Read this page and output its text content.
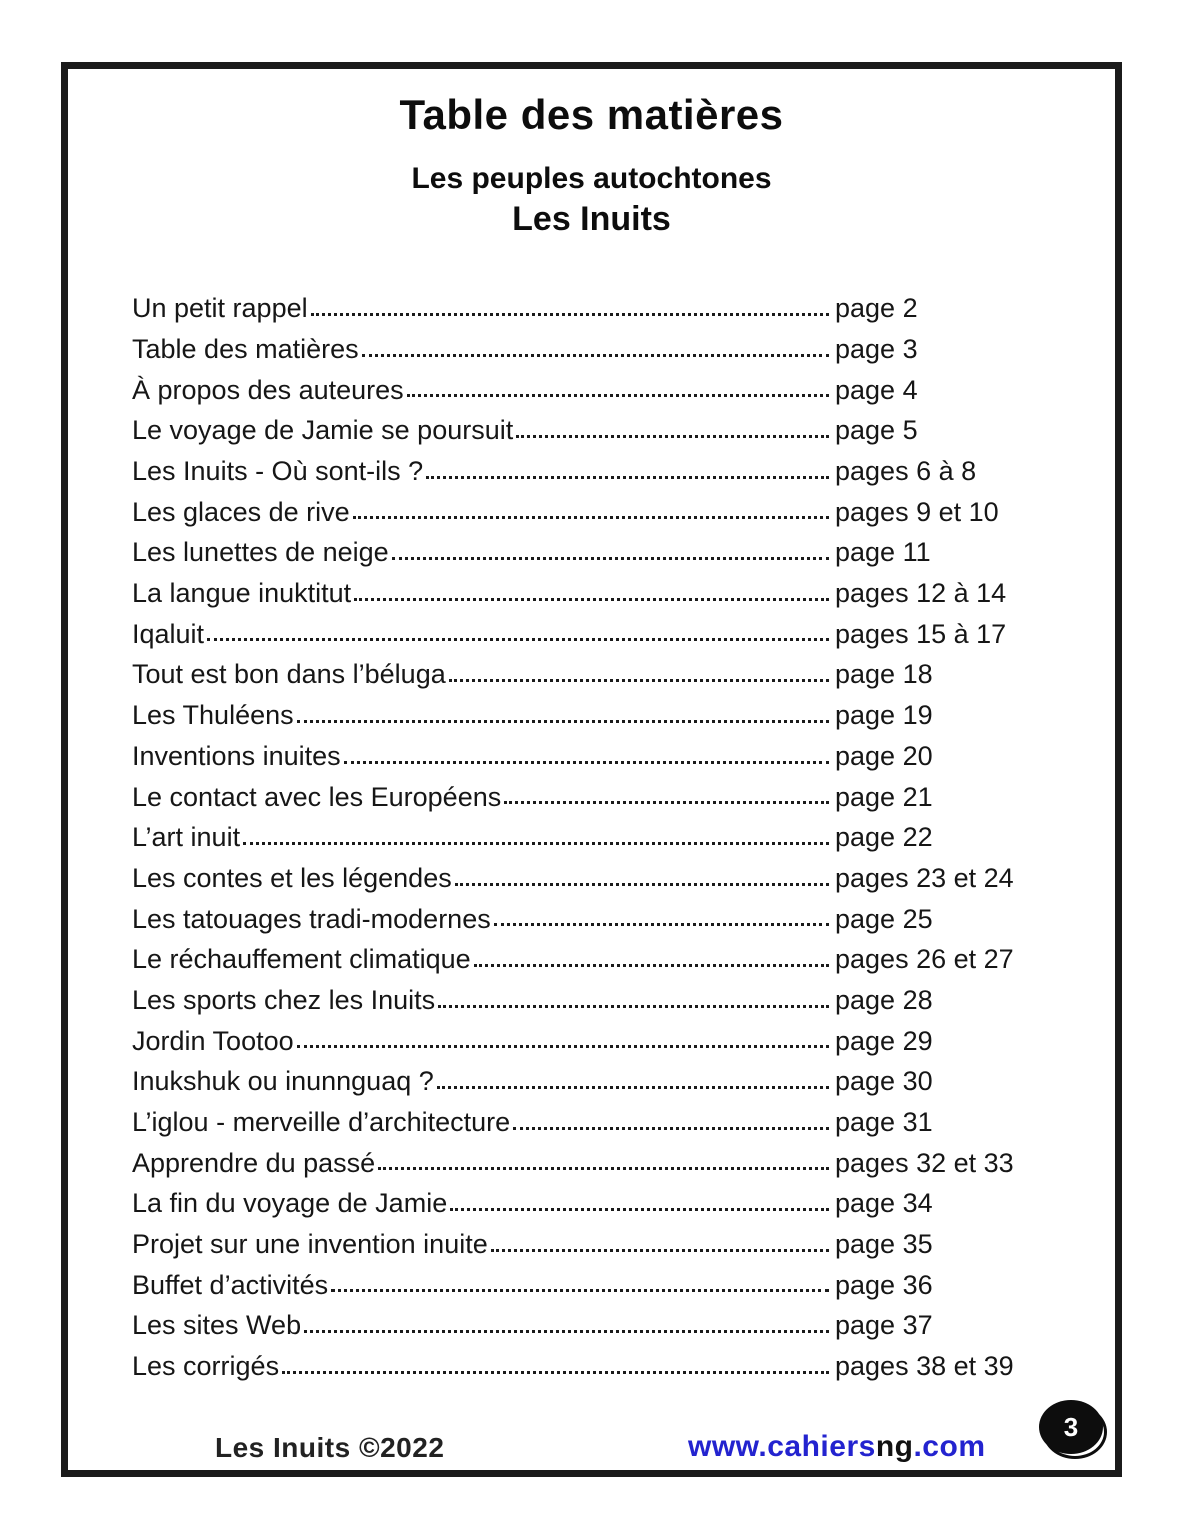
Table des matières
Les peuples autochtones
Les Inuits
Un petit rappel	page 2
Table des matières	page 3
À propos des auteures	page 4
Le voyage de Jamie se poursuit	page 5
Les Inuits - Où sont-ils ?	pages 6 à 8
Les glaces de rive	pages 9 et 10
Les lunettes de neige	page 11
La langue inuktitut	pages 12 à 14
Iqaluit	pages 15 à 17
Tout est bon dans l’béluga	page 18
Les Thuléens	page 19
Inventions inuites	page 20
Le contact avec les Européens	page 21
L’art inuit	page 22
Les contes et les légendes	pages 23 et 24
Les tatouages tradi-modernes	page 25
Le réchauffement climatique	pages 26 et 27
Les sports chez les Inuits	page 28
Jordin Tootoo	page 29
Inukshuk ou inunnguaq ?	page 30
L’iglou - merveille d’architecture	page 31
Apprendre du passé	pages 32 et 33
La fin du voyage de Jamie	page 34
Projet sur une invention inuite	page 35
Buffet d’activités	page 36
Les sites Web	page 37
Les corrigés	pages 38 et 39
Les Inuits ©2022	www.cahiersng.com
3
